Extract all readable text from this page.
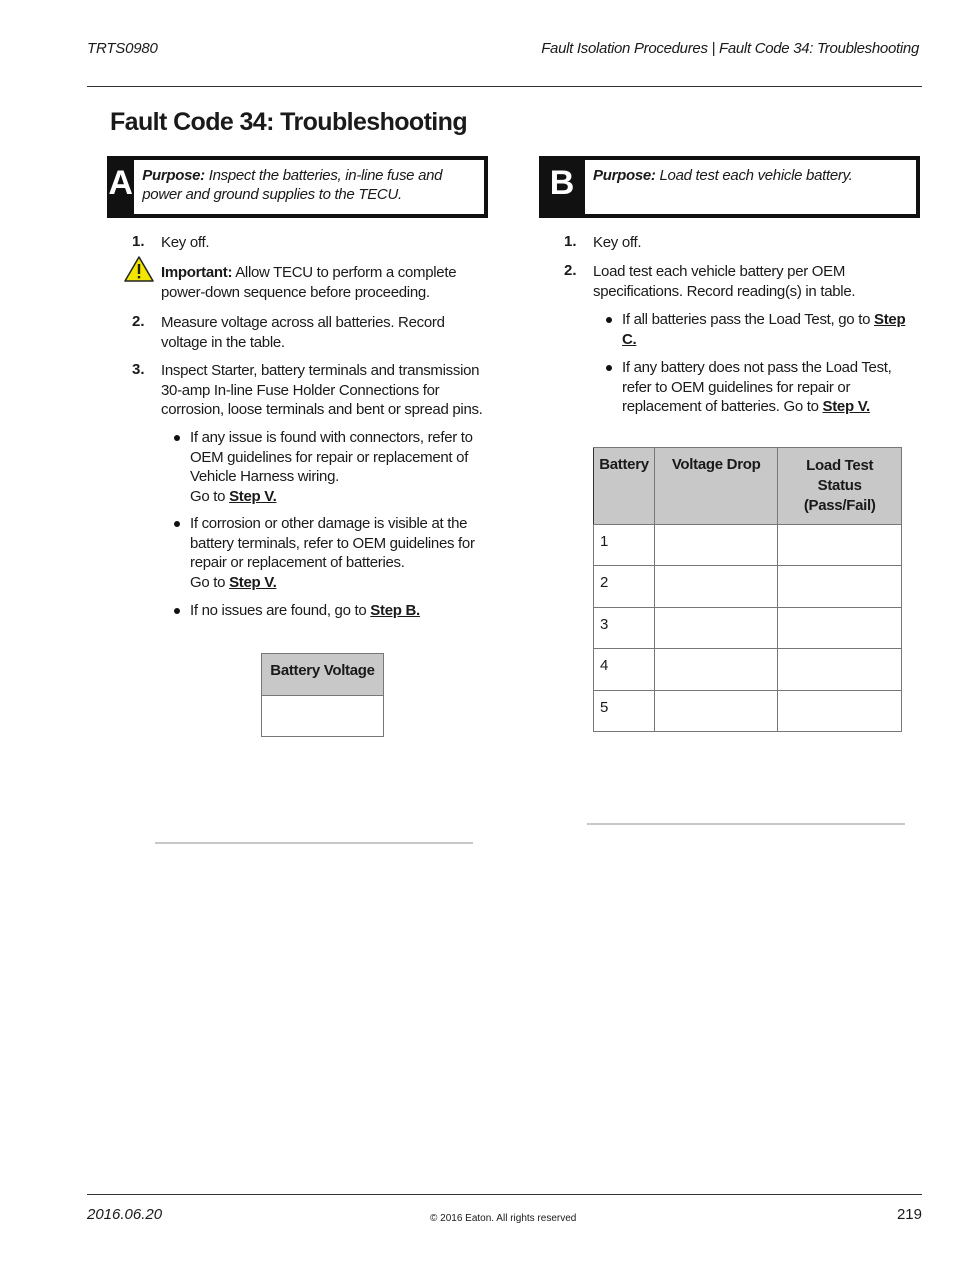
TRTS0980	Fault Isolation Procedures | Fault Code 34: Troubleshooting
Fault Code 34: Troubleshooting
A Purpose: Inspect the batteries, in-line fuse and power and ground supplies to the TECU.
1. Key off.
Important: Allow TECU to perform a complete power-down sequence before proceeding.
2. Measure voltage across all batteries. Record voltage in the table.
3. Inspect Starter, battery terminals and transmission 30-amp In-line Fuse Holder Connections for corrosion, loose terminals and bent or spread pins.
If any issue is found with connectors, refer to OEM guidelines for repair or replacement of Vehicle Harness wiring.
Go to Step V.
If corrosion or other damage is visible at the battery terminals, refer to OEM guidelines for repair or replacement of batteries.
Go to Step V.
If no issues are found, go to Step B.
Battery Voltage

B	Purpose: Load test each vehicle battery.
1. Key off.
2. Load test each vehicle battery per OEM specifications. Record reading(s) in table.
If all batteries pass the Load Test, go to Step C.
If any battery does not pass the Load Test, refer to OEM guidelines for repair or replacement of batteries. Go to Step V.
Battery	Voltage Drop	Load Test Status (Pass/Fail)
1		
2		
3		
4		
5		
2016.06.20	© 2016 Eaton. All rights reserved	219
